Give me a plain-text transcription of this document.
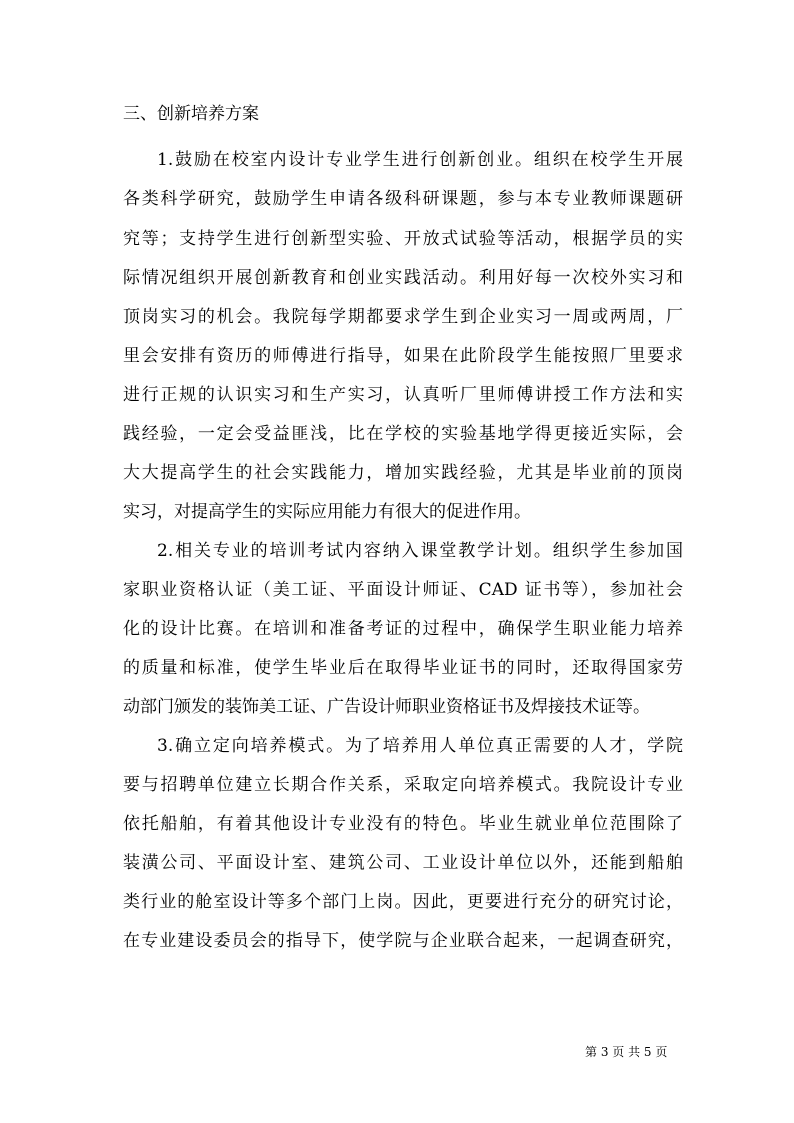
三、创新培养方案
1.鼓励在校室内设计专业学生进行创新创业。组织在校学生开展
各类科学研究，鼓励学生申请各级科研课题，参与本专业教师课题研
究等；支持学生进行创新型实验、开放式试验等活动，根据学员的实
际情况组织开展创新教育和创业实践活动。利用好每一次校外实习和
顶岗实习的机会。我院每学期都要求学生到企业实习一周或两周，厂
里会安排有资历的师傅进行指导，如果在此阶段学生能按照厂里要求
进行正规的认识实习和生产实习，认真听厂里师傅讲授工作方法和实
践经验，一定会受益匪浅，比在学校的实验基地学得更接近实际，会
大大提高学生的社会实践能力，增加实践经验，尤其是毕业前的顶岗
实习，对提高学生的实际应用能力有很大的促进作用。
2.相关专业的培训考试内容纳入课堂教学计划。组织学生参加国
家职业资格认证（美工证、平面设计师证、CAD 证书等），参加社会
化的设计比赛。在培训和准备考证的过程中，确保学生职业能力培养
的质量和标准，使学生毕业后在取得毕业证书的同时，还取得国家劳
动部门颁发的装饰美工证、广告设计师职业资格证书及焊接技术证等。
3.确立定向培养模式。为了培养用人单位真正需要的人才，学院
要与招聘单位建立长期合作关系，采取定向培养模式。我院设计专业
依托船舶，有着其他设计专业没有的特色。毕业生就业单位范围除了
装潢公司、平面设计室、建筑公司、工业设计单位以外，还能到船舶
类行业的舱室设计等多个部门上岗。因此，更要进行充分的研究讨论，
在专业建设委员会的指导下，使学院与企业联合起来，一起调查研究，
第 3 页 共 5 页
